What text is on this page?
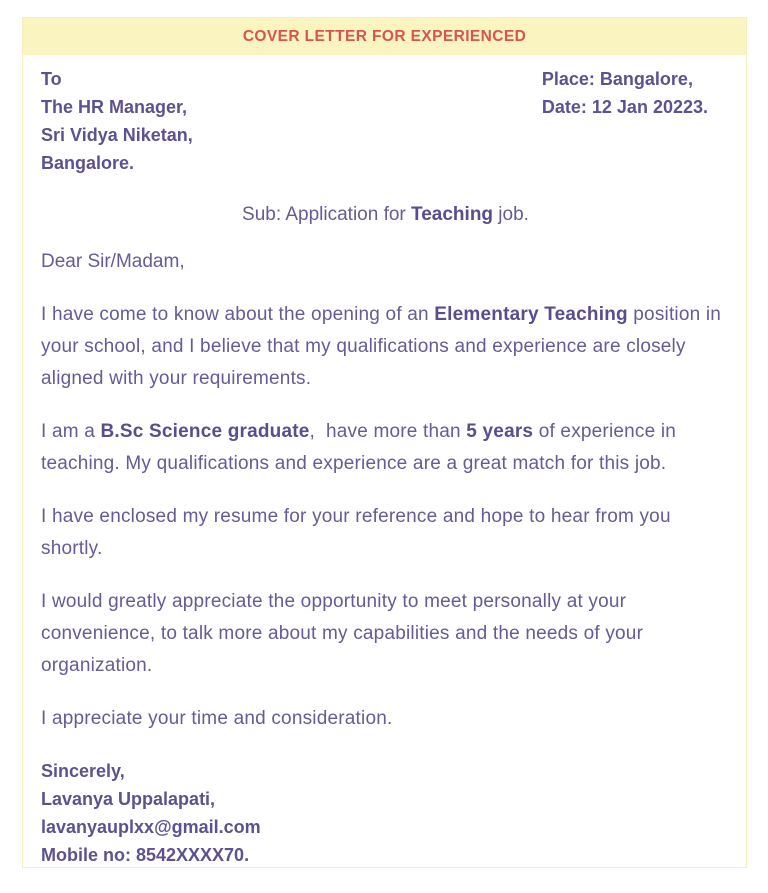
COVER LETTER FOR EXPERIENCED
To
The HR Manager,
Sri Vidya Niketan,
Bangalore.
Place: Bangalore,
Date: 12 Jan 20223.
Sub: Application for Teaching job.
Dear Sir/Madam,

I have come to know about the opening of an Elementary Teaching position in your school, and I believe that my qualifications and experience are closely aligned with your requirements.

I am a B.Sc Science graduate,  have more than 5 years of experience in teaching. My qualifications and experience are a great match for this job.

I have enclosed my resume for your reference and hope to hear from you shortly.

I would greatly appreciate the opportunity to meet personally at your convenience, to talk more about my capabilities and the needs of your organization.

I appreciate your time and consideration.

Sincerely,
Lavanya Uppalapati,
lavanyauplxx@gmail.com
Mobile no: 8542XXXX70.
